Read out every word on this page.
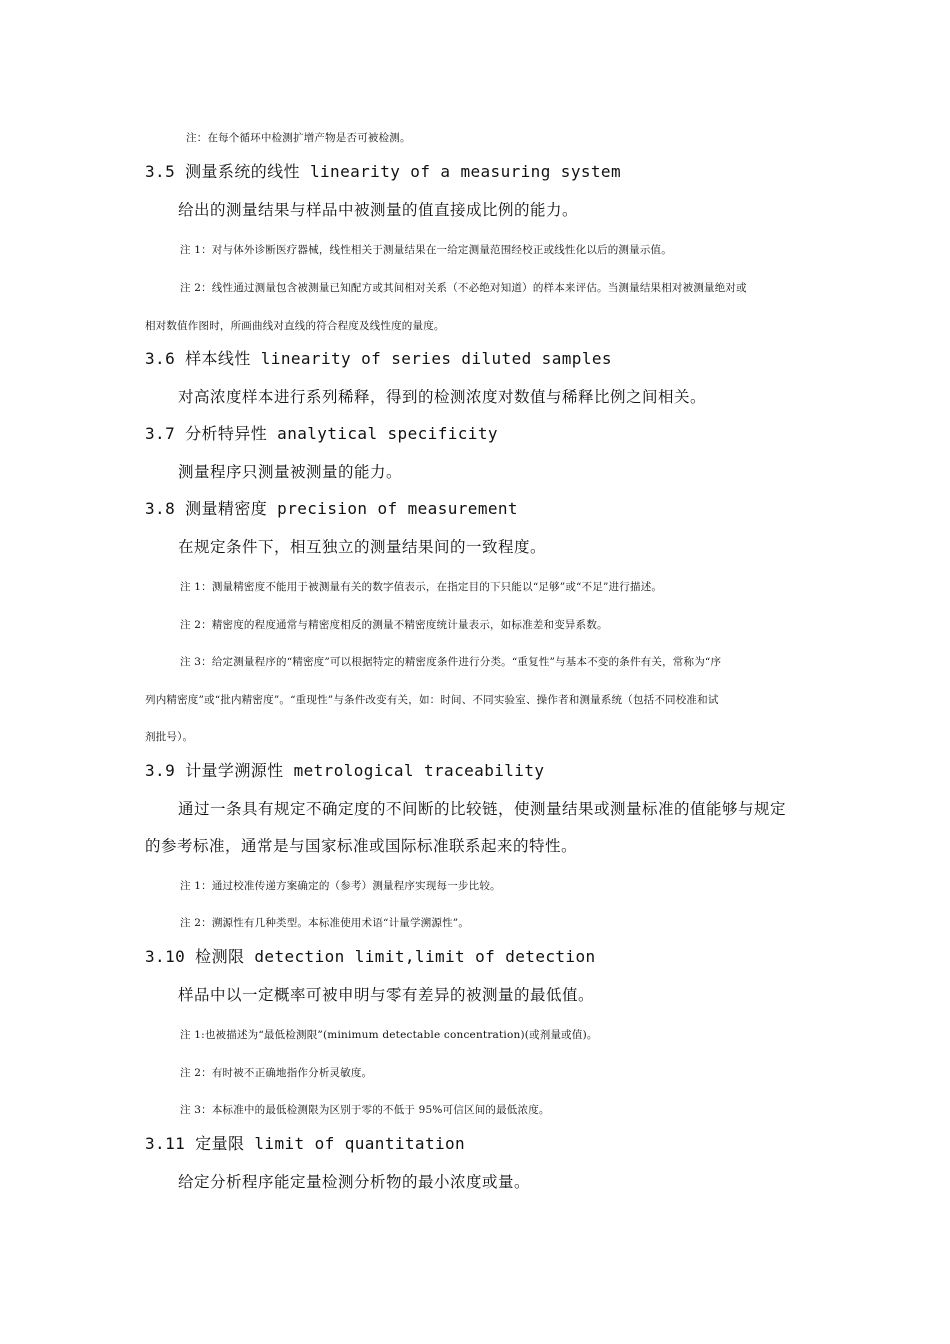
注：在每个循环中检测扩增产物是否可被检测。
3.5 测量系统的线性 linearity of a measuring system
给出的测量结果与样品中被测量的值直接成比例的能力。
注 1：对与体外诊断医疗器械，线性相关于测量结果在一给定测量范围经校正或线性化以后的测量示值。
注 2：线性通过测量包含被测量已知配方或其间相对关系（不必绝对知道）的样本来评估。当测量结果相对被测量绝对或
相对数值作图时，所画曲线对直线的符合程度及线性度的量度。
3.6 样本线性 linearity of series diluted samples
对高浓度样本进行系列稀释，得到的检测浓度对数值与稀释比例之间相关。
3.7 分析特异性 analytical specificity
测量程序只测量被测量的能力。
3.8 测量精密度 precision of measurement
在规定条件下，相互独立的测量结果间的一致程度。
注 1：测量精密度不能用于被测量有关的数字值表示，在指定目的下只能以“足够”或“不足”进行描述。
注 2：精密度的程度通常与精密度相反的测量不精密度统计量表示，如标准差和变异系数。
注 3：给定测量程序的“精密度”可以根据特定的精密度条件进行分类。“重复性”与基本不变的条件有关，常称为“序
列内精密度”或“批内精密度”。“重现性”与条件改变有关，如：时间、不同实验室、操作者和测量系统（包括不同校准和试
剂批号）。
3.9 计量学溯源性 metrological traceability
通过一条具有规定不确定度的不间断的比较链，使测量结果或测量标准的值能够与规定
的参考标准，通常是与国家标准或国际标准联系起来的特性。
注 1：通过校准传递方案确定的（参考）测量程序实现每一步比较。
注 2：溯源性有几种类型。本标准使用术语“计量学溯源性”。
3.10 检测限 detection limit,limit of detection
样品中以一定概率可被申明与零有差异的被测量的最低值。
注 1:也被描述为“最低检测限”(minimum detectable concentration)(或剂量或值)。
注 2：有时被不正确地指作分析灵敏度。
注 3：本标准中的最低检测限为区别于零的不低于 95%可信区间的最低浓度。
3.11 定量限 limit of quantitation
给定分析程序能定量检测分析物的最小浓度或量。
